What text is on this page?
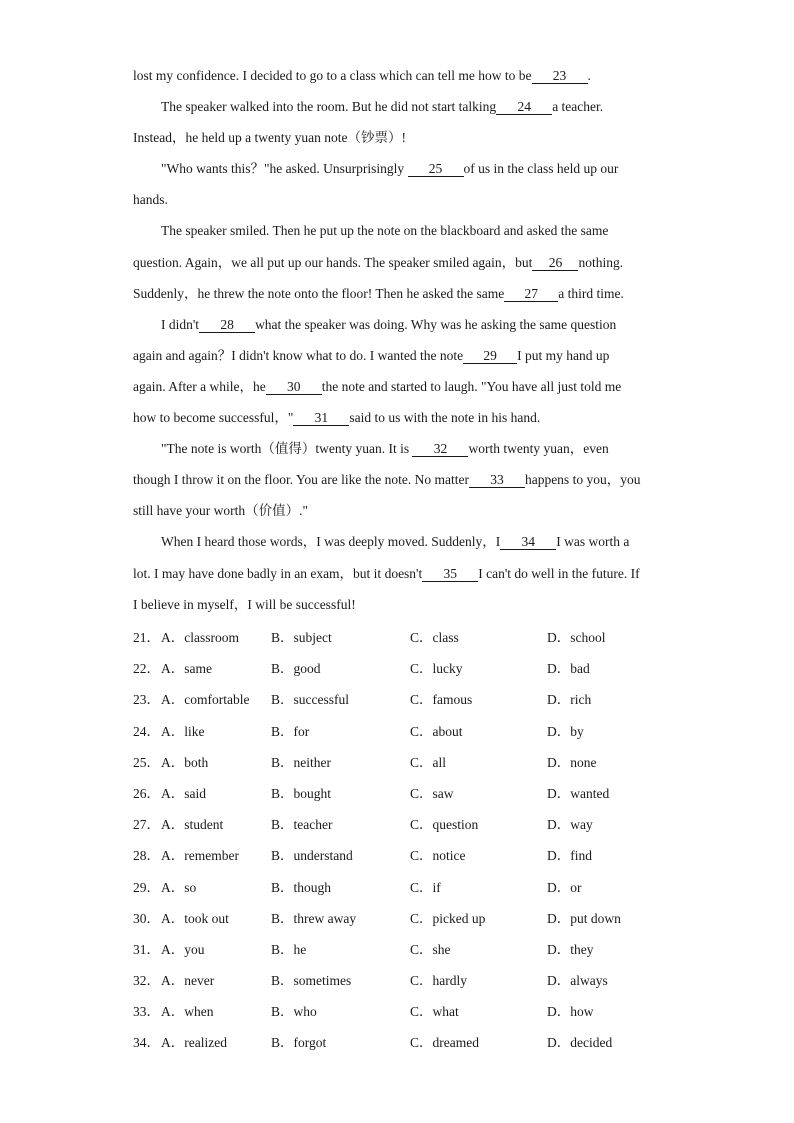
lost my confidence. I decided to go to a class which can tell me how to be 23 .
The speaker walked into the room. But he did not start talking 24 a teacher.
Instead，he held up a twenty yuan note（钞票）!
"Who wants this？"he asked. Unsurprisingly 25 of us in the class held up our
hands.
The speaker smiled. Then he put up the note on the blackboard and asked the same
question. Again，we all put up our hands. The speaker smiled again，but 26 nothing.
Suddenly，he threw the note onto the floor! Then he asked the same 27 a third time.
I didn't 28 what the speaker was doing. Why was he asking the same question
again and again？I didn't know what to do. I wanted the note 29 I put my hand up
again. After a while，he 30 the note and started to laugh. "You have all just told me
how to become successful，" 31 said to us with the note in his hand.
"The note is worth（值得）twenty yuan. It is 32 worth twenty yuan，even
though I throw it on the floor. You are like the note. No matter 33 happens to you，you
still have your worth（价值）."
When I heard those words，I was deeply moved. Suddenly，I 34 I was worth a
lot. I may have done badly in an exam，but it doesn't 35 I can't do well in the future. If
I believe in myself，I will be successful!
21． A．classroom B．subject	C．class	D．school
22． A．same	B．good	C．lucky	D．bad
23． A．comfortable B．successful	C．famous	D．rich
24． A．like	B．for	C．about	D．by
25． A．both	B．neither	C．all	D．none
26． A．said	B．bought	C．saw	D．wanted
27． A．student	B．teacher	C．question	D．way
28． A．remember B．understand	C．notice	D．find
29． A．so	B．though	C．if	D．or
30． A．took out	B．threw away	C．picked up	D．put down
31． A．you	B．he	C．she	D．they
32． A．never	B．sometimes	C．hardly	D．always
33． A．when	B．who	C．what	D．how
34． A．realized	B．forgot	C．dreamed	D．decided
